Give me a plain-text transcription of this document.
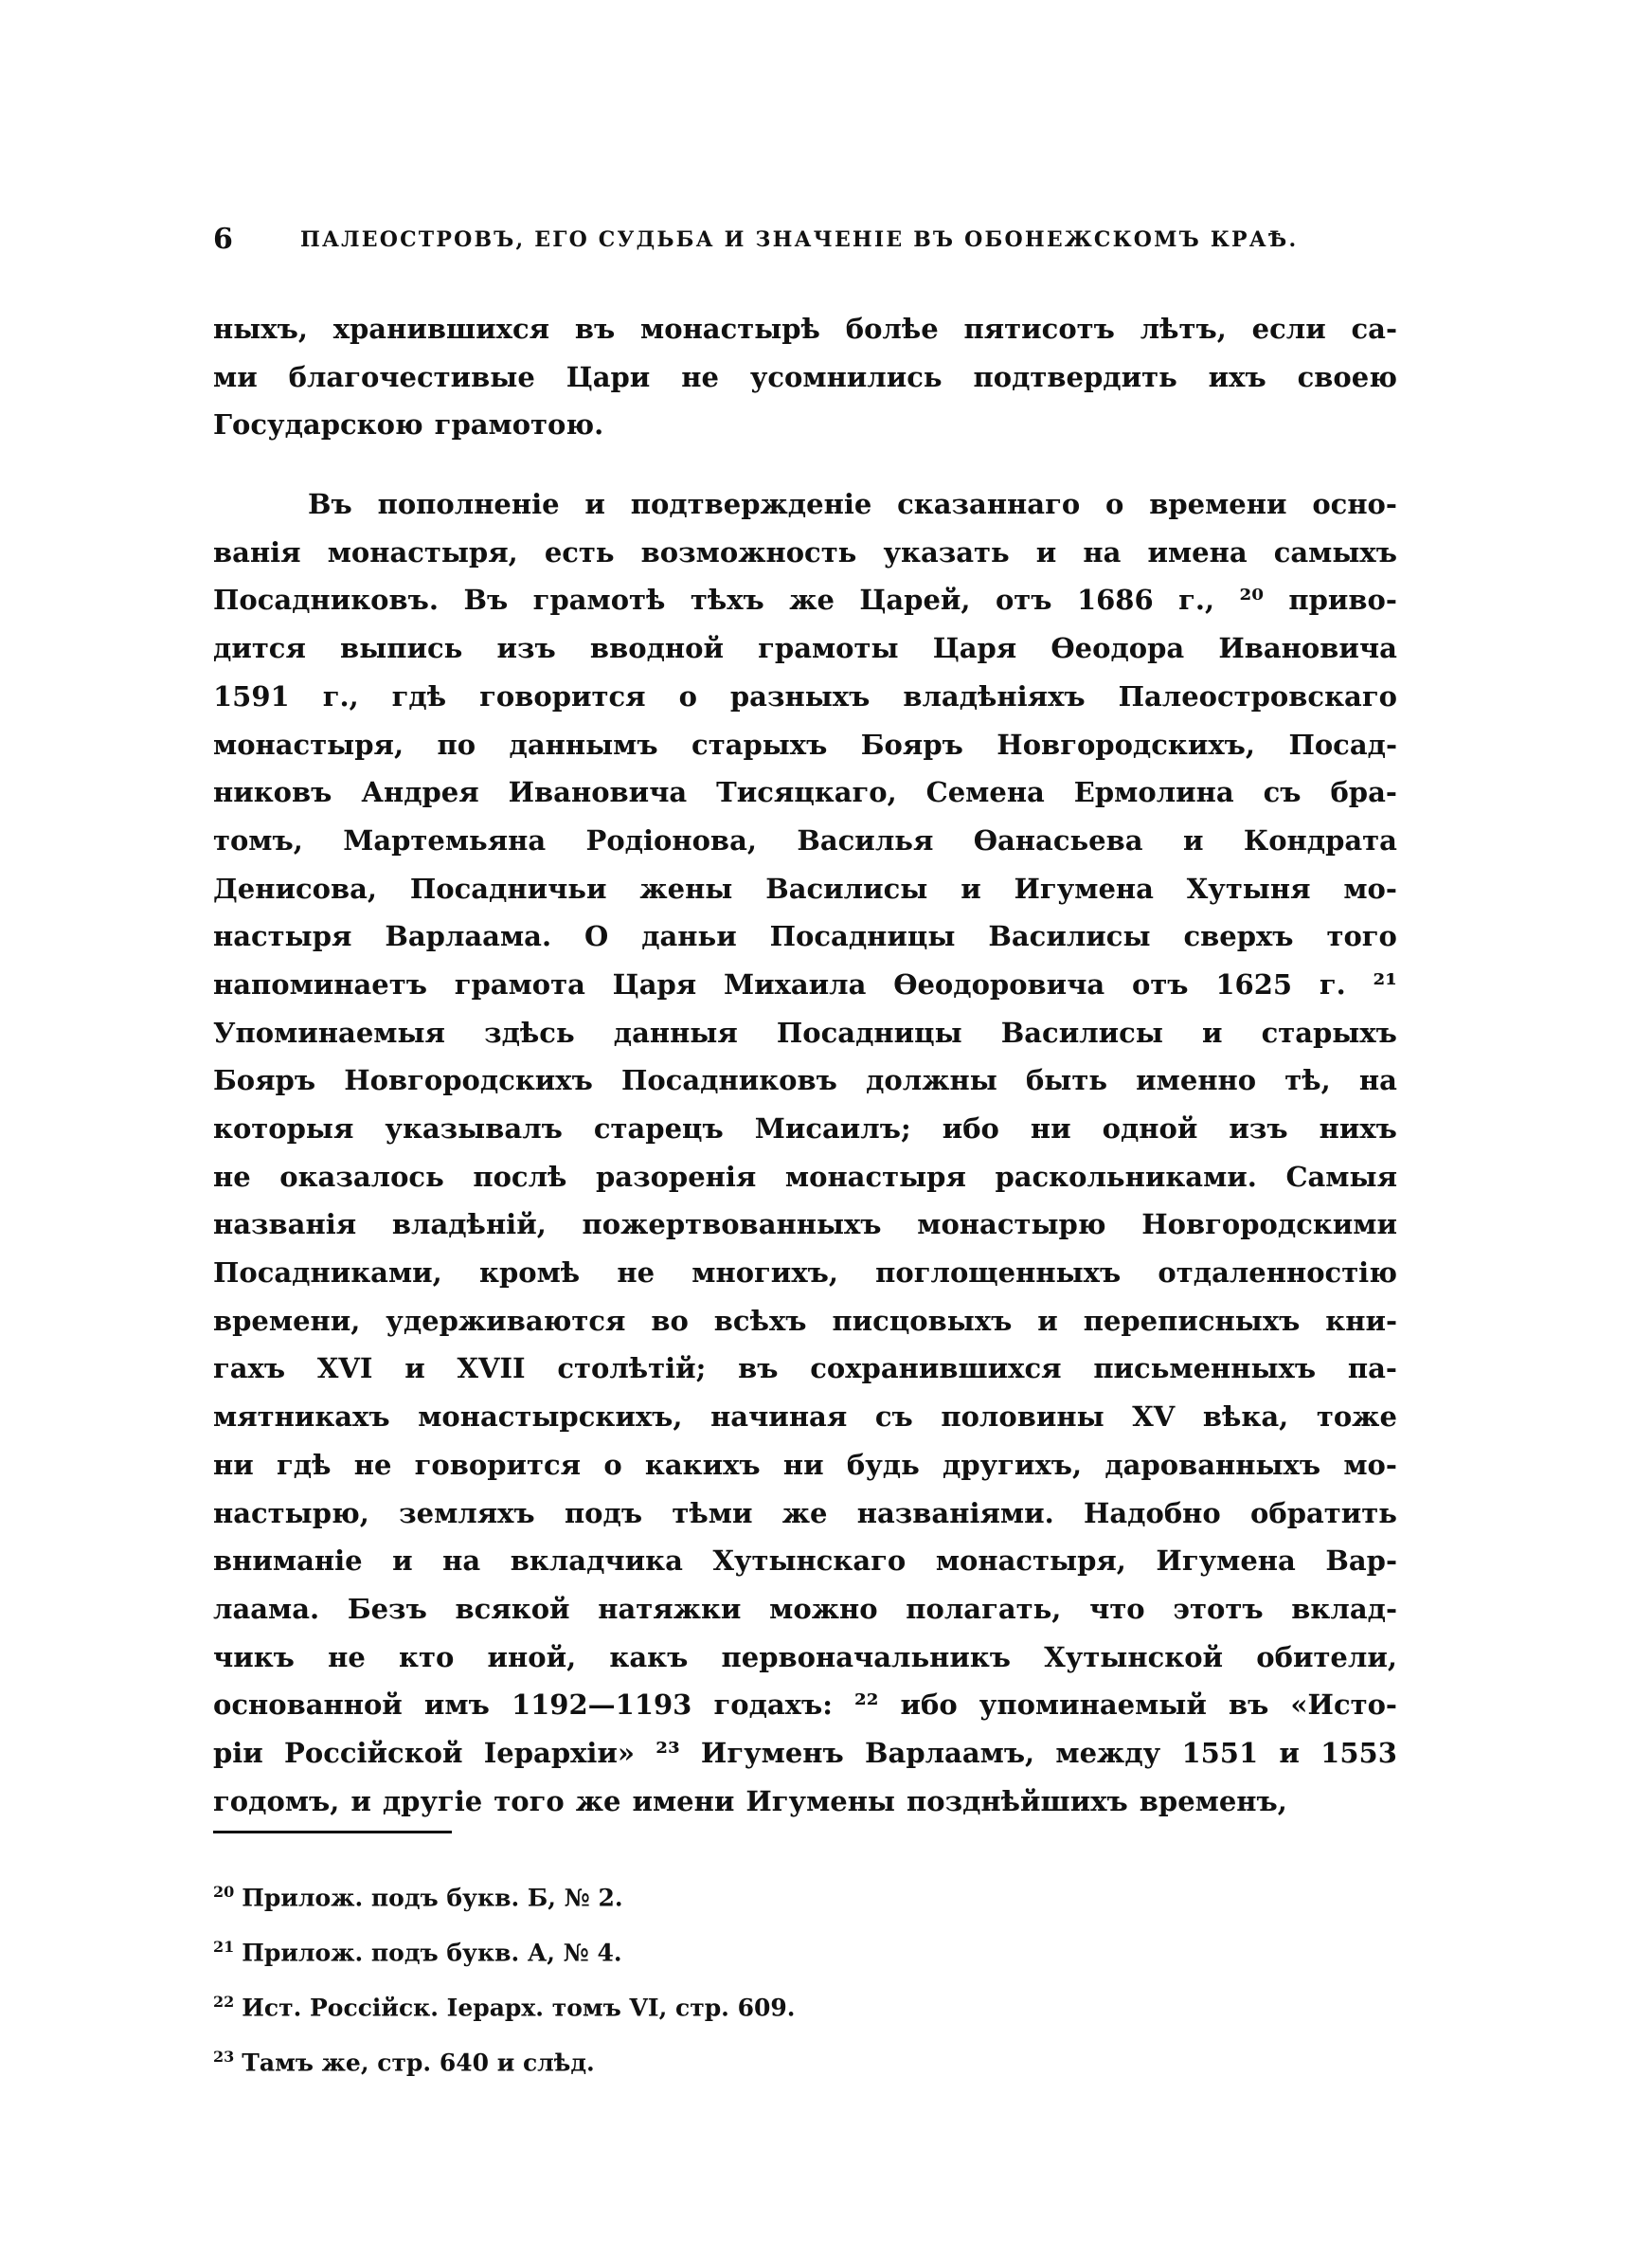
6	ПАЛЕОСТРОВЪ, ЕГО СУДЬБА И ЗНАЧЕНІЕ ВЪ ОБОНЕЖСКОМЪ КРАѢ.
ныхъ, хранившихся въ монастырѣ болѣе пятисотъ лѣтъ, если са-
ми благочестивые Цари не усомнились подтвердить ихъ своею
Государскою грамотою.
Въ пополненіе и подтвержденіе сказаннаго о времени осно-
ванія монастыря, есть возможность указать и на имена самыхъ
Посадниковъ. Въ грамотѣ тѣхъ же Царей, отъ 1686 г., ²⁰ приво-
дится выпись изъ вводной грамоты Царя Ѳеодора Ивановича
1591 г., гдѣ говорится о разныхъ владѣніяхъ Палеостровскаго
монастыря, по даннымъ старыхъ Бояръ Новгородскихъ, Посад-
никовъ Андрея Ивановича Тисяцкаго, Семена Ермолина съ бра-
томъ, Мартемьяна Родіонова, Василья Ѳанасьева и Кондрата
Денисова, Посадничьи жены Василисы и Игумена Хутыня мо-
настыря Варлаама. О даньи Посадницы Василисы сверхъ того
напоминаетъ грамота Царя Михаила Ѳеодоровича отъ 1625 г. ²¹
Упоминаемыя здѣсь данныя Посадницы Василисы и старыхъ
Бояръ Новгородскихъ Посадниковъ должны быть именно тѣ, на
которыя указывалъ старецъ Мисаилъ; ибо ни одной изъ нихъ
не оказалось послѣ разоренія монастыря раскольниками. Самыя
названія владѣній, пожертвованныхъ монастырю Новгородскими
Посадниками, кромѣ не многихъ, поглощенныхъ отдаленностію
времени, удерживаются во всѣхъ писцовыхъ и переписныхъ кни-
гахъ XVI и XVII столѣтій; въ сохранившихся письменныхъ па-
мятникахъ монастырскихъ, начиная съ половины XV вѣка, тоже
ни гдѣ не говорится о какихъ ни будь другихъ, дарованныхъ мо-
настырю, земляхъ подъ тѣми же названіями. Надобно обратить
вниманіе и на вкладчика Хутынскаго монастыря, Игумена Вар-
лаама. Безъ всякой натяжки можно полагать, что этотъ вклад-
чикъ не кто иной, какъ первоначальникъ Хутынской обители,
основанной имъ 1192—1193 годахъ: ²² ибо упоминаемый въ «Исто-
ріи Россійской Іерархіи» ²³ Игуменъ Варлаамъ, между 1551 и 1553
годомъ, и другіе того же имени Игумены позднѣйшихъ временъ,
$^{20}$ Прилож. подъ букв. Б, № 2.
$^{21}$ Прилож. подъ букв. А, № 4.
$^{22}$ Ист. Россійск. Іерарх. томъ VI, стр. 609.
$^{23}$ Тамъ же, стр. 640 и слѣд.
